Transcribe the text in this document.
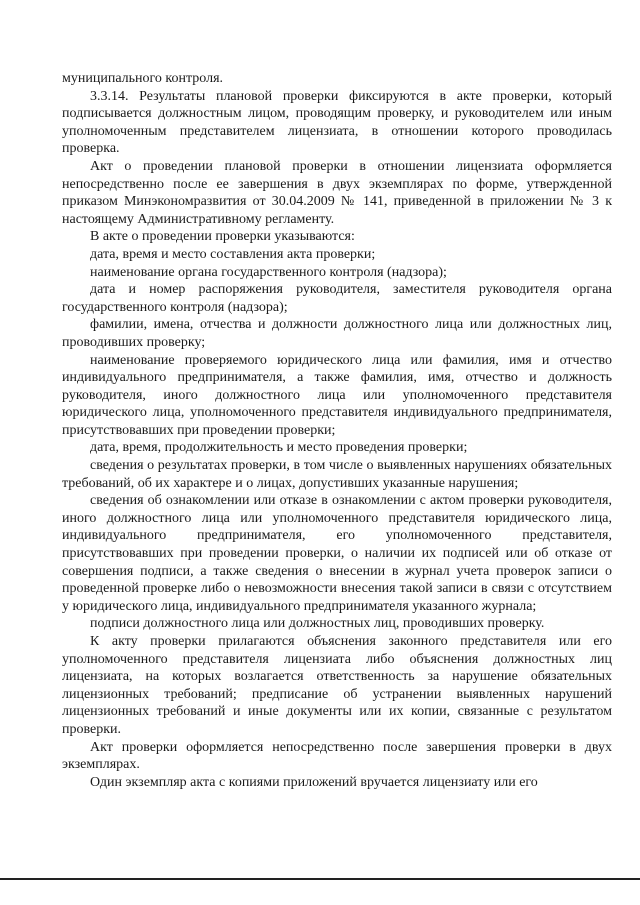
муниципального контроля.

3.3.14. Результаты плановой проверки фиксируются в акте проверки, который подписывается должностным лицом, проводящим проверку, и руководителем или иным уполномоченным представителем лицензиата, в отношении которого проводилась проверка.

Акт о проведении плановой проверки в отношении лицензиата оформляется непосредственно после ее завершения в двух экземплярах по форме, утвержденной приказом Минэкономразвития от 30.04.2009 № 141, приведенной в приложении № 3 к настоящему Административному регламенту.

В акте о проведении проверки указываются:

дата, время и место составления акта проверки;

наименование органа государственного контроля (надзора);

дата и номер распоряжения руководителя, заместителя руководителя органа государственного контроля (надзора);

фамилии, имена, отчества и должности должностного лица или должностных лиц, проводивших проверку;

наименование проверяемого юридического лица или фамилия, имя и отчество индивидуального предпринимателя, а также фамилия, имя, отчество и должность руководителя, иного должностного лица или уполномоченного представителя юридического лица, уполномоченного представителя индивидуального предпринимателя, присутствовавших при проведении проверки;

дата, время, продолжительность и место проведения проверки;

сведения о результатах проверки, в том числе о выявленных нарушениях обязательных требований, об их характере и о лицах, допустивших указанные нарушения;

сведения об ознакомлении или отказе в ознакомлении с актом проверки руководителя, иного должностного лица или уполномоченного представителя юридического лица, индивидуального предпринимателя, его уполномоченного представителя, присутствовавших при проведении проверки, о наличии их подписей или об отказе от совершения подписи, а также сведения о внесении в журнал учета проверок записи о проведенной проверке либо о невозможности внесения такой записи в связи с отсутствием у юридического лица, индивидуального предпринимателя указанного журнала;

подписи должностного лица или должностных лиц, проводивших проверку.

К акту проверки прилагаются объяснения законного представителя или его уполномоченного представителя лицензиата либо объяснения должностных лиц лицензиата, на которых возлагается ответственность за нарушение обязательных лицензионных требований; предписание об устранении выявленных нарушений лицензионных требований и иные документы или их копии, связанные с результатом проверки.

Акт проверки оформляется непосредственно после завершения проверки в двух экземплярах.

Один экземпляр акта с копиями приложений вручается лицензиату или его
